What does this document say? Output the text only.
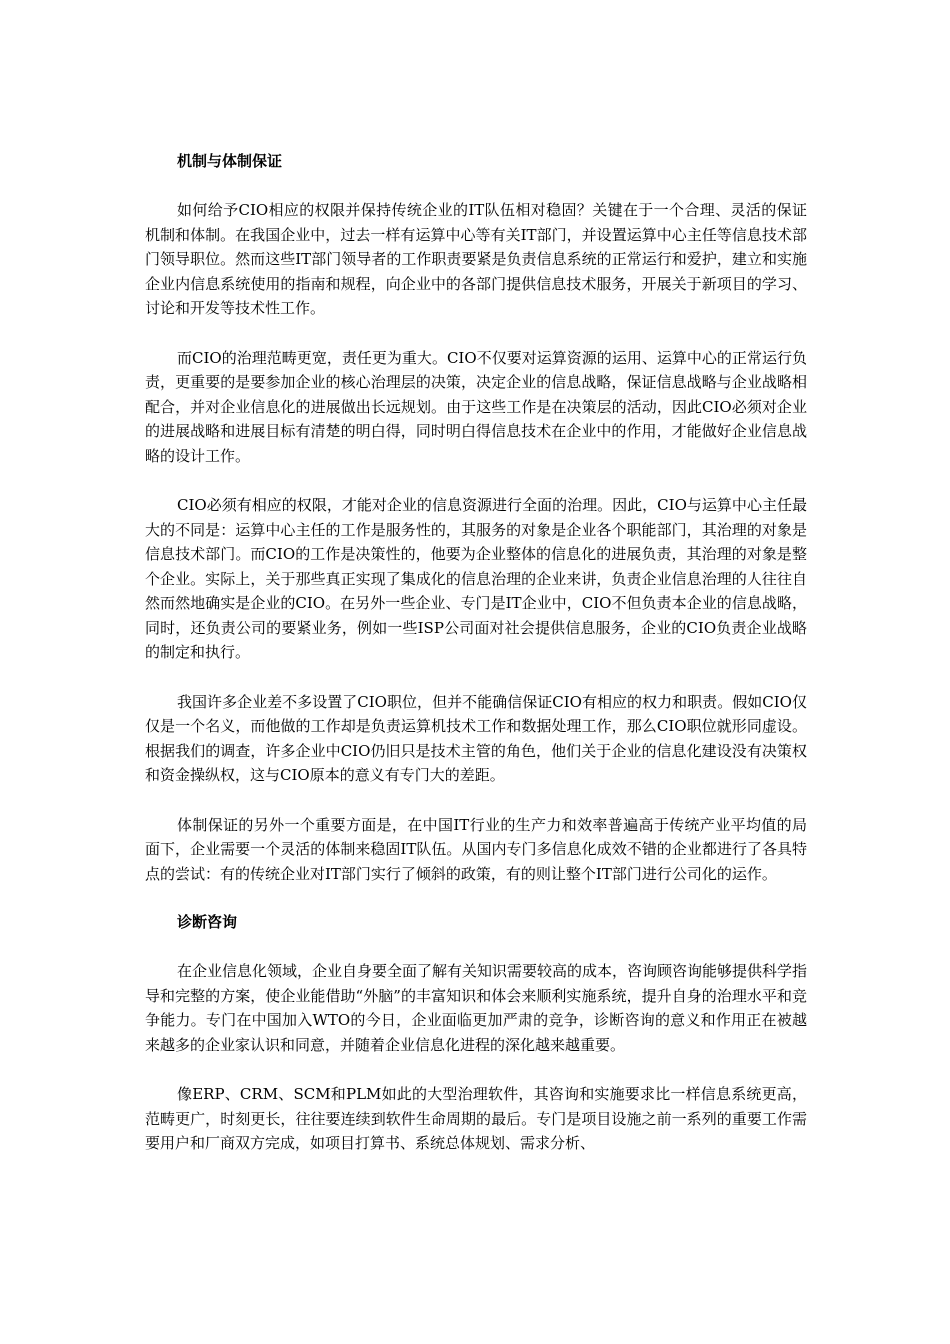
机制与体制保证

如何给予CIO相应的权限并保持传统企业的IT队伍相对稳固？关键在于一个合理、灵活的保证机制和体制。在我国企业中，过去一样有运算中心等有关IT部门，并设置运算中心主任等信息技术部门领导职位。然而这些IT部门领导者的工作职责要紧是负责信息系统的正常运行和爱护，建立和实施企业内信息系统使用的指南和规程，向企业中的各部门提供信息技术服务，开展关于新项目的学习、讨论和开发等技术性工作。

而CIO的治理范畴更宽，责任更为重大。CIO不仅要对运算资源的运用、运算中心的正常运行负责，更重要的是要参加企业的核心治理层的决策，决定企业的信息战略，保证信息战略与企业战略相配合，并对企业信息化的进展做出长远规划。由于这些工作是在决策层的活动，因此CIO必须对企业的进展战略和进展目标有清楚的明白得，同时明白得信息技术在企业中的作用，才能做好企业信息战略的设计工作。

CIO必须有相应的权限，才能对企业的信息资源进行全面的治理。因此，CIO与运算中心主任最大的不同是：运算中心主任的工作是服务性的，其服务的对象是企业各个职能部门，其治理的对象是信息技术部门。而CIO的工作是决策性的，他要为企业整体的信息化的进展负责，其治理的对象是整个企业。实际上，关于那些真正实现了集成化的信息治理的企业来讲，负责企业信息治理的人往往自然而然地确实是企业的CIO。在另外一些企业、专门是IT企业中，CIO不但负责本企业的信息战略，同时，还负责公司的要紧业务，例如一些ISP公司面对社会提供信息服务，企业的CIO负责企业战略的制定和执行。

我国许多企业差不多设置了CIO职位，但并不能确信保证CIO有相应的权力和职责。假如CIO仅仅是一个名义，而他做的工作却是负责运算机技术工作和数据处理工作，那么CIO职位就形同虚设。根据我们的调查，许多企业中CIO仍旧只是技术主管的角色，他们关于企业的信息化建设没有决策权和资金操纵权，这与CIO原本的意义有专门大的差距。

体制保证的另外一个重要方面是，在中国IT行业的生产力和效率普遍高于传统产业平均值的局面下，企业需要一个灵活的体制来稳固IT队伍。从国内专门多信息化成效不错的企业都进行了各具特点的尝试：有的传统企业对IT部门实行了倾斜的政策，有的则让整个IT部门进行公司化的运作。

诊断咨询

在企业信息化领域，企业自身要全面了解有关知识需要较高的成本，咨询顾咨询能够提供科学指导和完整的方案，使企业能借助“外脑”的丰富知识和体会来顺利实施系统，提升自身的治理水平和竞争能力。专门在中国加入WTO的今日，企业面临更加严肃的竞争，诊断咨询的意义和作用正在被越来越多的企业家认识和同意，并随着企业信息化进程的深化越来越重要。

像ERP、CRM、SCM和PLM如此的大型治理软件，其咨询和实施要求比一样信息系统更高，范畴更广，时刻更长，往往要连续到软件生命周期的最后。专门是项目设施之前一系列的重要工作需要用户和厂商双方完成，如项目打算书、系统总体规划、需求分析、
